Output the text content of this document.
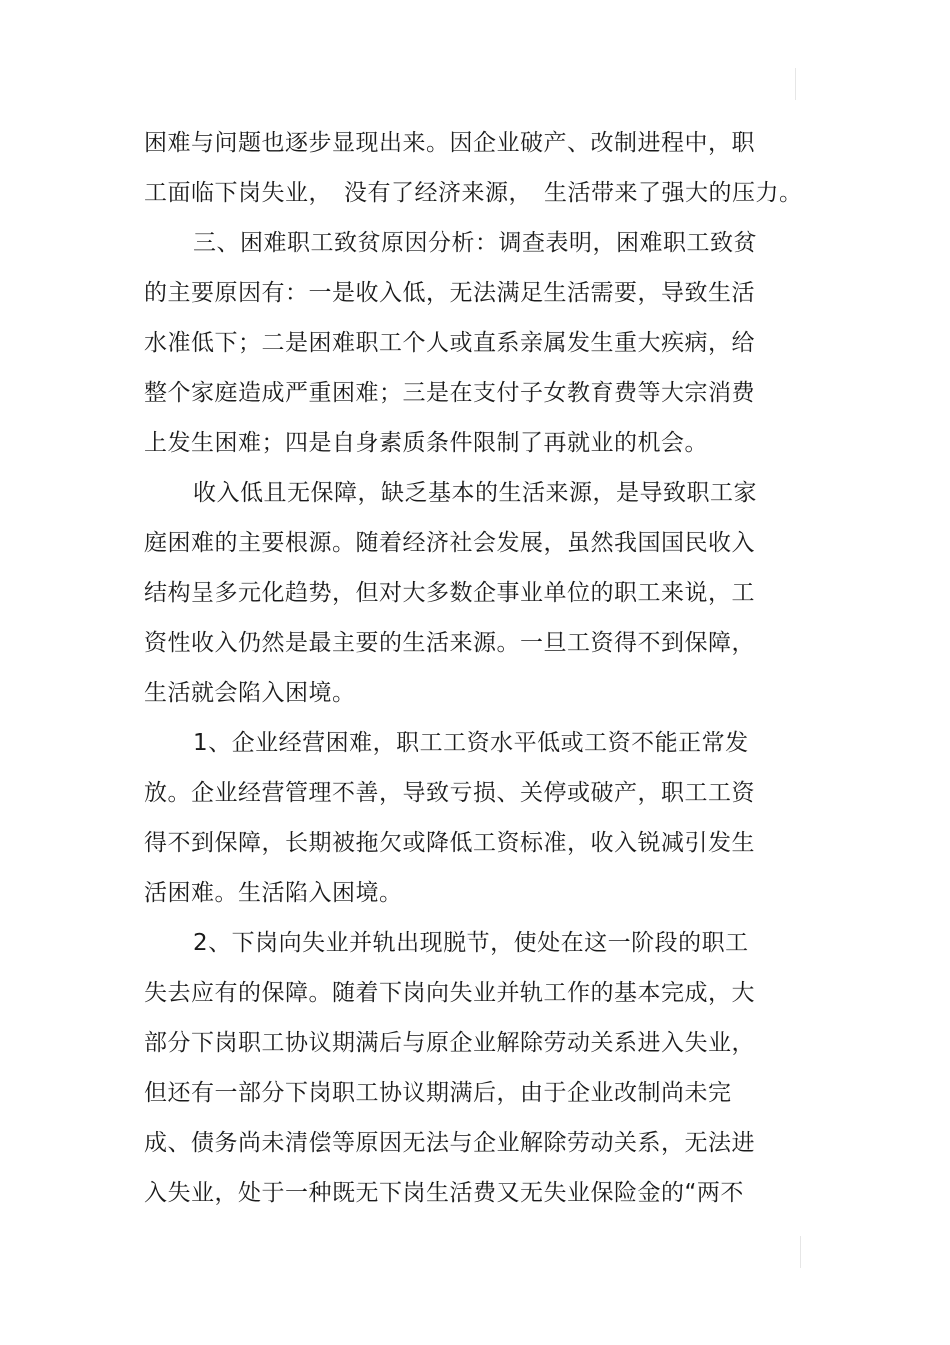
困难与问题也逐步显现出来。因企业破产、改制进程中，职
工面临下岗失业，　没有了经济来源，　生活带来了强大的压力。
三、困难职工致贫原因分析：调查表明，困难职工致贫
的主要原因有：一是收入低，无法满足生活需要，导致生活
水准低下；二是困难职工个人或直系亲属发生重大疾病，给
整个家庭造成严重困难；三是在支付子女教育费等大宗消费
上发生困难；四是自身素质条件限制了再就业的机会。
收入低且无保障，缺乏基本的生活来源，是导致职工家
庭困难的主要根源。随着经济社会发展，虽然我国国民收入
结构呈多元化趋势，但对大多数企事业单位的职工来说，工
资性收入仍然是最主要的生活来源。一旦工资得不到保障，
生活就会陷入困境。
1、企业经营困难，职工工资水平低或工资不能正常发
放。企业经营管理不善，导致亏损、关停或破产，职工工资
得不到保障，长期被拖欠或降低工资标准，收入锐减引发生
活困难。生活陷入困境。
2、下岗向失业并轨出现脱节，使处在这一阶段的职工
失去应有的保障。随着下岗向失业并轨工作的基本完成，大
部分下岗职工协议期满后与原企业解除劳动关系进入失业，
但还有一部分下岗职工协议期满后，由于企业改制尚未完
成、债务尚未清偿等原因无法与企业解除劳动关系，无法进
入失业，处于一种既无下岗生活费又无失业保险金的“两不
